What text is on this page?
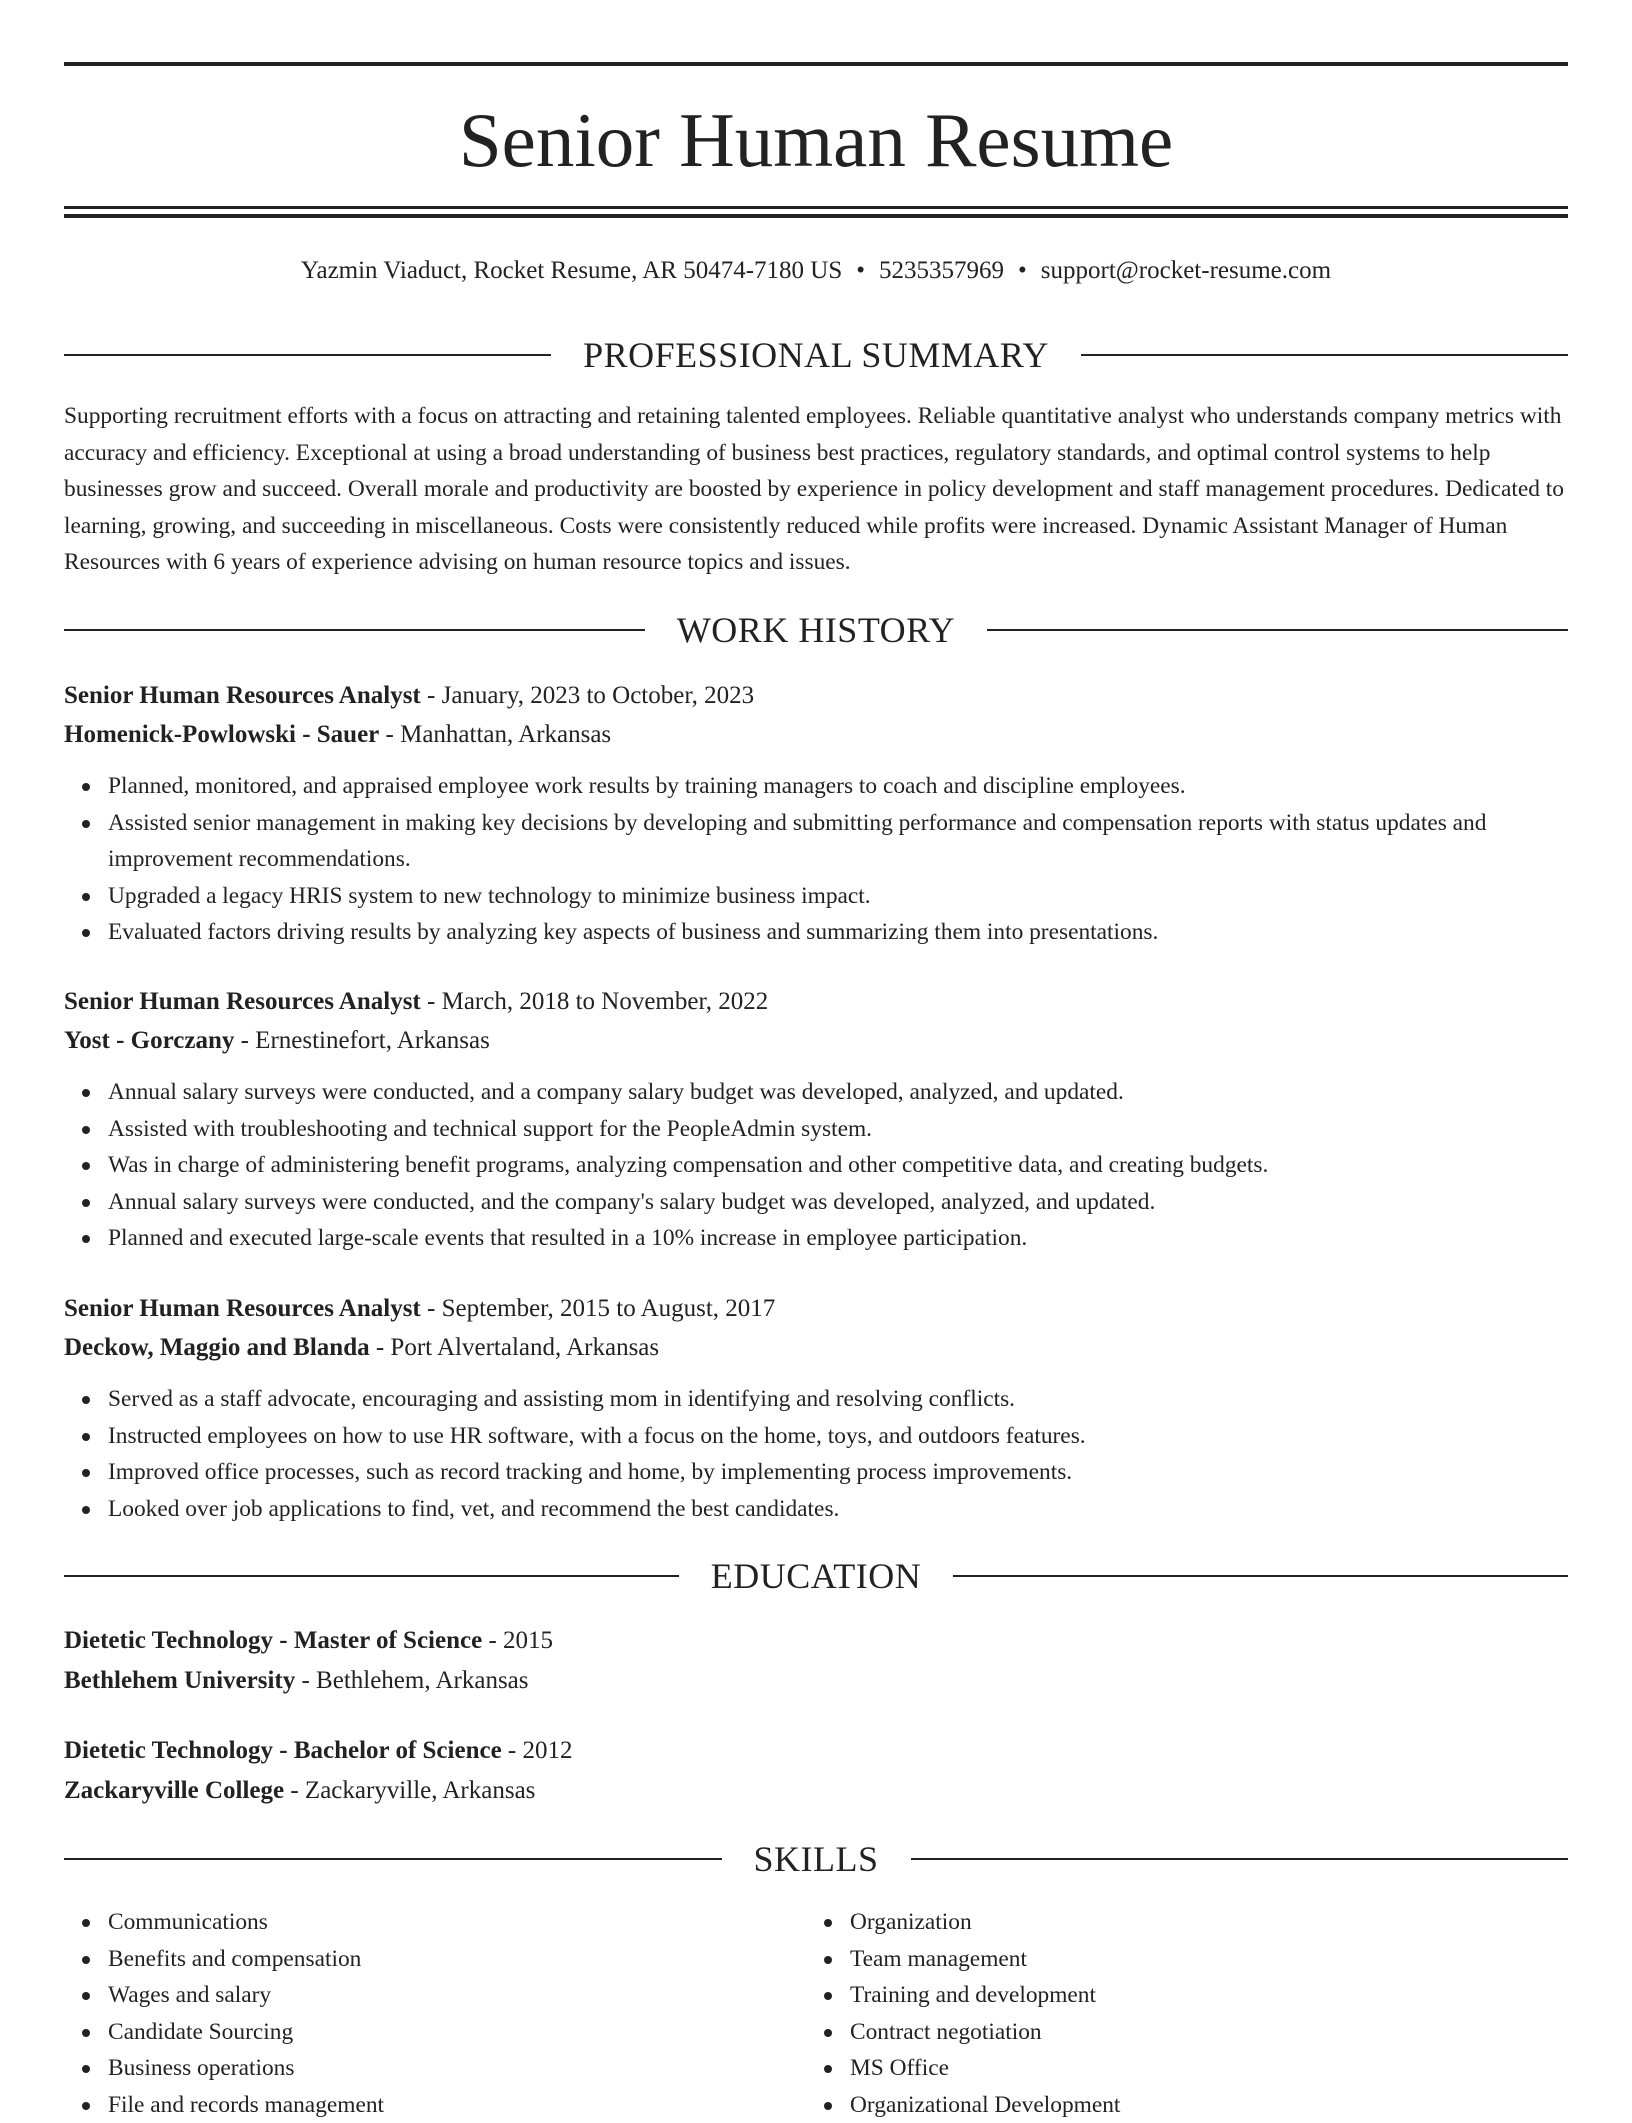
Senior Human Resume
Yazmin Viaduct, Rocket Resume, AR 50474-7180 US • 5235357969 • support@rocket-resume.com
PROFESSIONAL SUMMARY

Supporting recruitment efforts with a focus on attracting and retaining talented employees. Reliable quantitative analyst who understands company metrics with accuracy and efficiency. Exceptional at using a broad understanding of business best practices, regulatory standards, and optimal control systems to help businesses grow and succeed. Overall morale and productivity are boosted by experience in policy development and staff management procedures. Dedicated to learning, growing, and succeeding in miscellaneous. Costs were consistently reduced while profits were increased. Dynamic Assistant Manager of Human Resources with 6 years of experience advising on human resource topics and issues.

WORK HISTORY
Senior Human Resources Analyst - January, 2023 to October, 2023
Homenick-Powlowski - Sauer - Manhattan, Arkansas
Planned, monitored, and appraised employee work results by training managers to coach and discipline employees.
Assisted senior management in making key decisions by developing and submitting performance and compensation reports with status updates and improvement recommendations.
Upgraded a legacy HRIS system to new technology to minimize business impact.
Evaluated factors driving results by analyzing key aspects of business and summarizing them into presentations.
Senior Human Resources Analyst - March, 2018 to November, 2022
Yost - Gorczany - Ernestinefort, Arkansas
Annual salary surveys were conducted, and a company salary budget was developed, analyzed, and updated.
Assisted with troubleshooting and technical support for the PeopleAdmin system.
Was in charge of administering benefit programs, analyzing compensation and other competitive data, and creating budgets.
Annual salary surveys were conducted, and the company's salary budget was developed, analyzed, and updated.
Planned and executed large-scale events that resulted in a 10% increase in employee participation.
Senior Human Resources Analyst - September, 2015 to August, 2017
Deckow, Maggio and Blanda - Port Alvertaland, Arkansas
Served as a staff advocate, encouraging and assisting mom in identifying and resolving conflicts.
Instructed employees on how to use HR software, with a focus on the home, toys, and outdoors features.
Improved office processes, such as record tracking and home, by implementing process improvements.
Looked over job applications to find, vet, and recommend the best candidates.
EDUCATION
Dietetic Technology - Master of Science - 2015
Bethlehem University - Bethlehem, Arkansas
Dietetic Technology - Bachelor of Science - 2012
Zackaryville College - Zackaryville, Arkansas
SKILLS
Communications
Benefits and compensation
Wages and salary
Candidate Sourcing
Business operations
File and records management
Organization
Team management
Training and development
Contract negotiation
MS Office
Organizational Development
